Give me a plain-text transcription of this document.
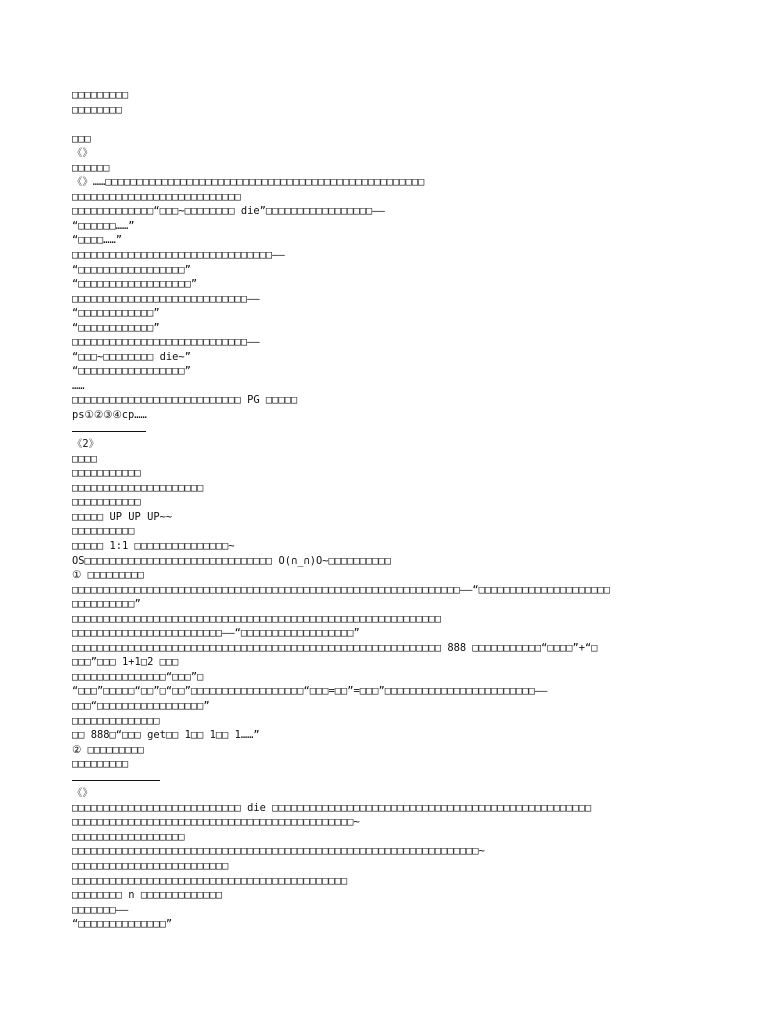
□□□□□□□□□
□□□□□□□□
□□□
《》
□□□□□□
《》……□□□□□□□□□□□□□□□□□□□□□□□□□□□□□□□□□□□□□□□□□□□□□□□□□□□
□□□□□□□□□□□□□□□□□□□□□□□□□□□
□□□□□□□□□□□□□“□□□~□□□□□□□□ die”□□□□□□□□□□□□□□□□□——
“□□□□□□……”
“□□□□……”
□□□□□□□□□□□□□□□□□□□□□□□□□□□□□□□□——
“□□□□□□□□□□□□□□□□□”
“□□□□□□□□□□□□□□□□□□”
□□□□□□□□□□□□□□□□□□□□□□□□□□□□——
“□□□□□□□□□□□□”
“□□□□□□□□□□□□”
□□□□□□□□□□□□□□□□□□□□□□□□□□□□——
“□□□~□□□□□□□□ die~”
“□□□□□□□□□□□□□□□□□”
……
□□□□□□□□□□□□□□□□□□□□□□□□□□□ PG □□□□□
ps①②③④cp……
《2》
□□□□
□□□□□□□□□□□
□□□□□□□□□□□□□□□□□□□□□
□□□□□□□□□□□
□□□□□ UP UP UP~~
□□□□□□□□□□
□□□□□ 1:1 □□□□□□□□□□□□□□□~
OS□□□□□□□□□□□□□□□□□□□□□□□□□□□□□□ O(∩_∩)O~□□□□□□□□□□
① □□□□□□□□□
□□□□□□□□□□□□□□□□□□□□□□□□□□□□□□□□□□□□□□□□□□□□□□□□□□□□□□□□□□□□□□——“□□□□□□□□□□□□□□□□□□□□□
□□□□□□□□□□”
□□□□□□□□□□□□□□□□□□□□□□□□□□□□□□□□□□□□□□□□□□□□□□□□□□□□□□□□□□□
□□□□□□□□□□□□□□□□□□□□□□□□——“□□□□□□□□□□□□□□□□□□”
□□□□□□□□□□□□□□□□□□□□□□□□□□□□□□□□□□□□□□□□□□□□□□□□□□□□□□□□□□□ 888 □□□□□□□□□□□“□□□□”+“□
□□□”□□□ 1+1□2 □□□
□□□□□□□□□□□□□□□“□□□”□
“□□□”□□□□□“□□”□“□□”□□□□□□□□□□□□□□□□□□“□□□=□□”=□□□”□□□□□□□□□□□□□□□□□□□□□□□□——
□□□“□□□□□□□□□□□□□□□□□”
□□□□□□□□□□□□□□
□□ 888□“□□□ get□□ 1□□ 1□□ 1……”
② □□□□□□□□□
□□□□□□□□□
《》
□□□□□□□□□□□□□□□□□□□□□□□□□□□ die □□□□□□□□□□□□□□□□□□□□□□□□□□□□□□□□□□□□□□□□□□□□□□□□□□□
□□□□□□□□□□□□□□□□□□□□□□□□□□□□□□□□□□□□□□□□□□□□□~
□□□□□□□□□□□□□□□□□□
□□□□□□□□□□□□□□□□□□□□□□□□□□□□□□□□□□□□□□□□□□□□□□□□□□□□□□□□□□□□□□□□□~
□□□□□□□□□□□□□□□□□□□□□□□□□
□□□□□□□□□□□□□□□□□□□□□□□□□□□□□□□□□□□□□□□□□□□□
□□□□□□□□ n □□□□□□□□□□□□□
□□□□□□□——
“□□□□□□□□□□□□□□”
